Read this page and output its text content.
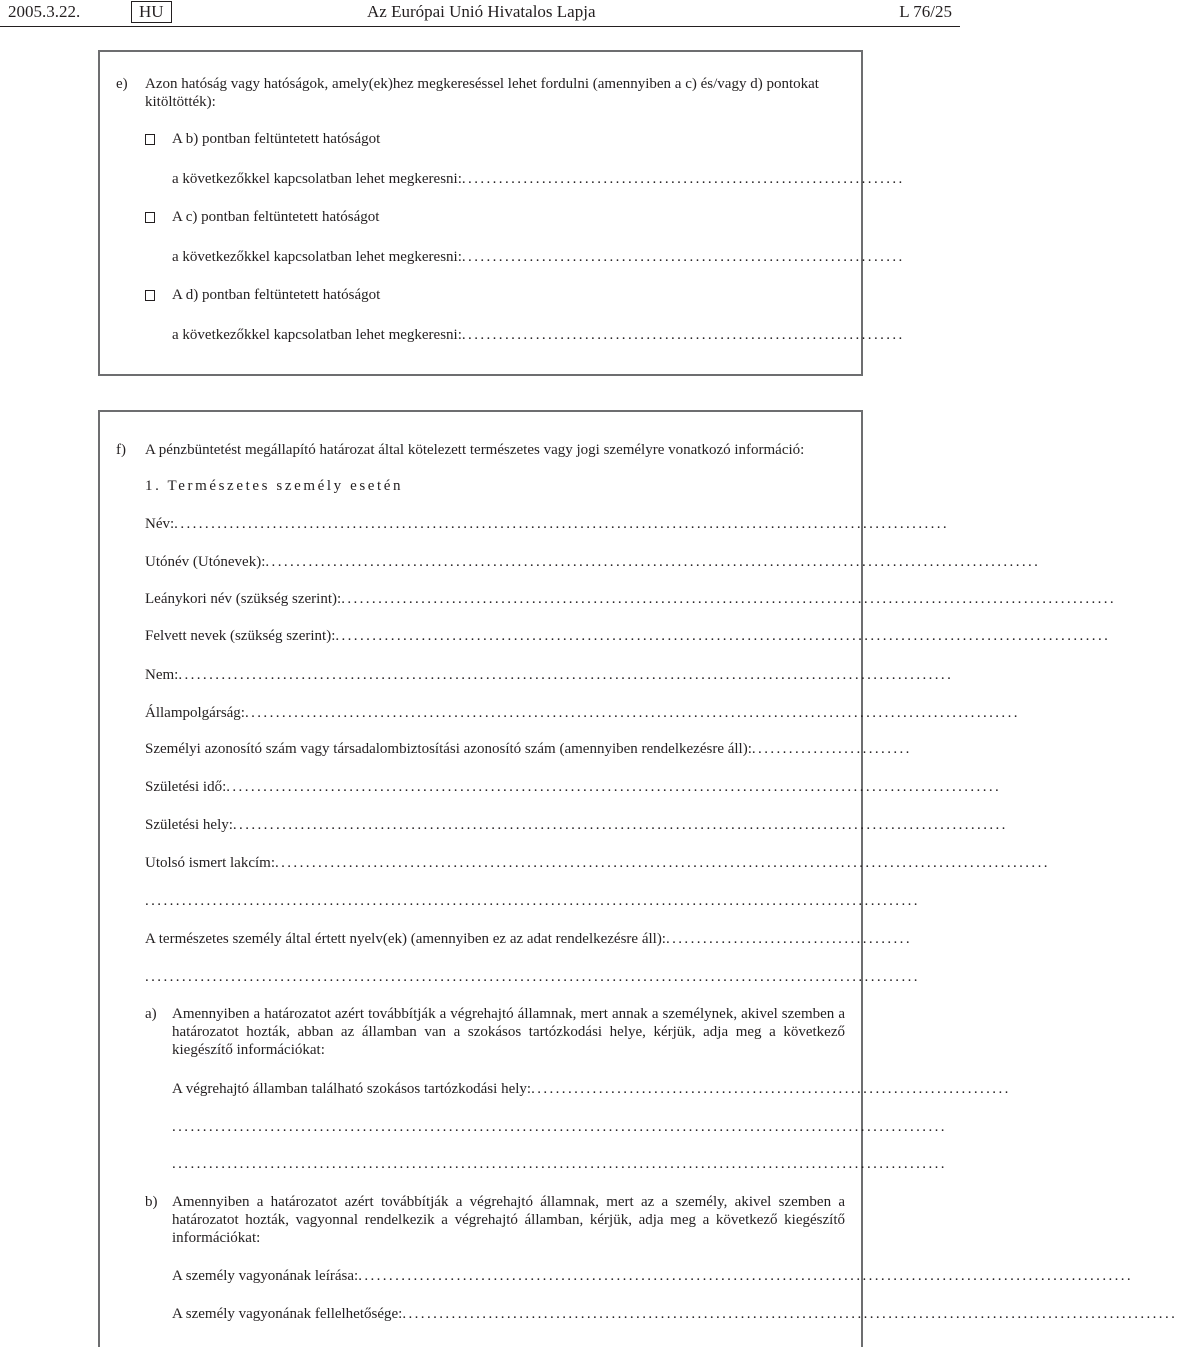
2005.3.22.	HU	Az Európai Unió Hivatalos Lapja	L 76/25
e) Azon hatóság vagy hatóságok, amely(ek)hez megkereséssel lehet fordulni (amennyiben a c) és/vagy d) pontokat kitöltötték):
A b) pontban feltüntetett hatóságot
a következőkkel kapcsolatban lehet megkeresni:........................................................................
A c) pontban feltüntetett hatóságot
a következőkkel kapcsolatban lehet megkeresni:........................................................................
A d) pontban feltüntetett hatóságot
a következőkkel kapcsolatban lehet megkeresni:........................................................................
f) A pénzbüntetést megállapító határozat által kötelezett természetes vagy jogi személyre vonatkozó információ:
1. Természetes személy esetén
Név:..............................................................................................................................
Utónév (Utónevek):..............................................................................................................................
Leánykori név (szükség szerint):..............................................................................................................................
Felvett nevek (szükség szerint):..............................................................................................................................
Nem:..............................................................................................................................
Állampolgárság:..............................................................................................................................
Személyi azonosító szám vagy társadalombiztosítási azonosító szám (amennyiben rendelkezésre áll):..........................
Születési idő:..............................................................................................................................
Születési hely:..............................................................................................................................
Utolsó ismert lakcím:..............................................................................................................................
..............................................................................................................................
A természetes személy által értett nyelv(ek) (amennyiben ez az adat rendelkezésre áll):........................................
..............................................................................................................................
a) Amennyiben a határozatot azért továbbítják a végrehajtó államnak, mert annak a személynek, akivel szemben a határozatot hozták, abban az államban van a szokásos tartózkodási helye, kérjük, adja meg a következő kiegészítő információkat:
A végrehajtó államban található szokásos tartózkodási hely:..............................................................................
..............................................................................................................................
..............................................................................................................................
b) Amennyiben a határozatot azért továbbítják a végrehajtó államnak, mert az a személy, akivel szemben a határozatot hozták, vagyonnal rendelkezik a végrehajtó államban, kérjük, adja meg a következő kiegészítő információkat:
A személy vagyonának leírása:..............................................................................................................................
A személy vagyonának fellelhetősége:..............................................................................................................................
